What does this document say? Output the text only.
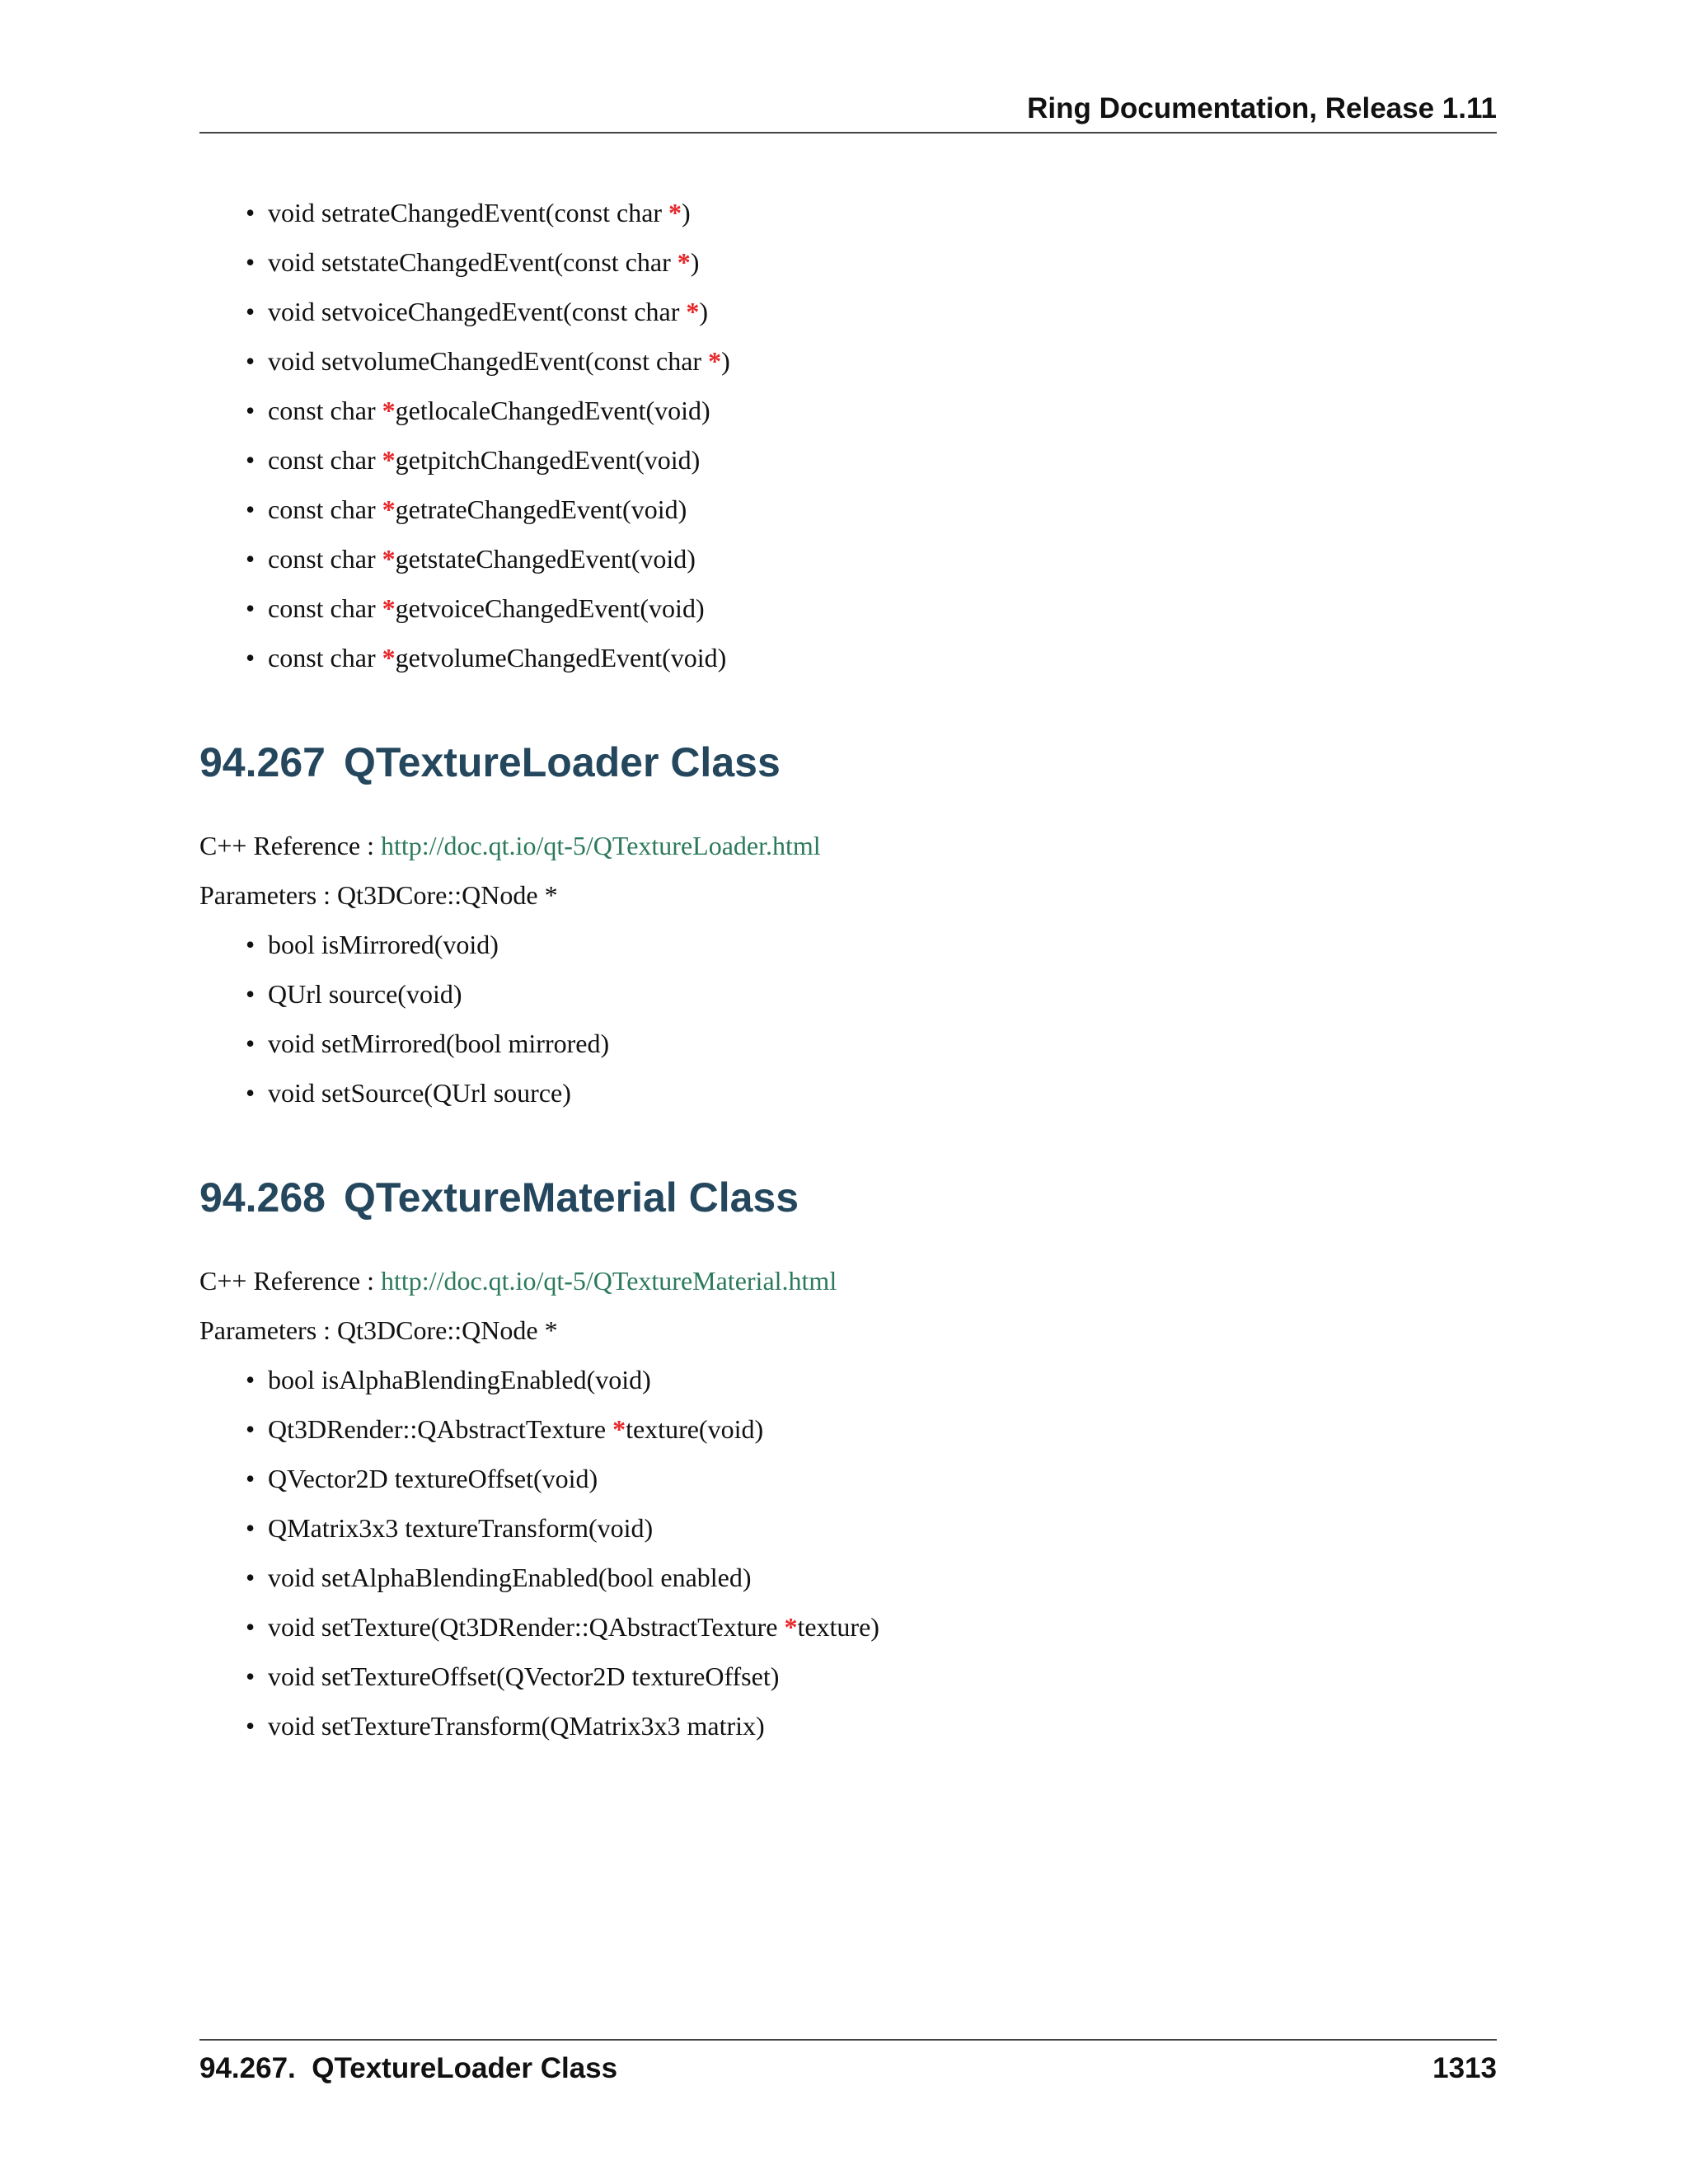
Ring Documentation, Release 1.11
• void setrateChangedEvent(const char *)
• void setstateChangedEvent(const char *)
• void setvoiceChangedEvent(const char *)
• void setvolumeChangedEvent(const char *)
• const char *getlocaleChangedEvent(void)
• const char *getpitchChangedEvent(void)
• const char *getrateChangedEvent(void)
• const char *getstateChangedEvent(void)
• const char *getvoiceChangedEvent(void)
• const char *getvolumeChangedEvent(void)
94.267 QTextureLoader Class
C++ Reference : http://doc.qt.io/qt-5/QTextureLoader.html
Parameters : Qt3DCore::QNode *
• bool isMirrored(void)
• QUrl source(void)
• void setMirrored(bool mirrored)
• void setSource(QUrl source)
94.268 QTextureMaterial Class
C++ Reference : http://doc.qt.io/qt-5/QTextureMaterial.html
Parameters : Qt3DCore::QNode *
• bool isAlphaBlendingEnabled(void)
• Qt3DRender::QAbstractTexture *texture(void)
• QVector2D textureOffset(void)
• QMatrix3x3 textureTransform(void)
• void setAlphaBlendingEnabled(bool enabled)
• void setTexture(Qt3DRender::QAbstractTexture *texture)
• void setTextureOffset(QVector2D textureOffset)
• void setTextureTransform(QMatrix3x3 matrix)
94.267.  QTextureLoader Class	1313
